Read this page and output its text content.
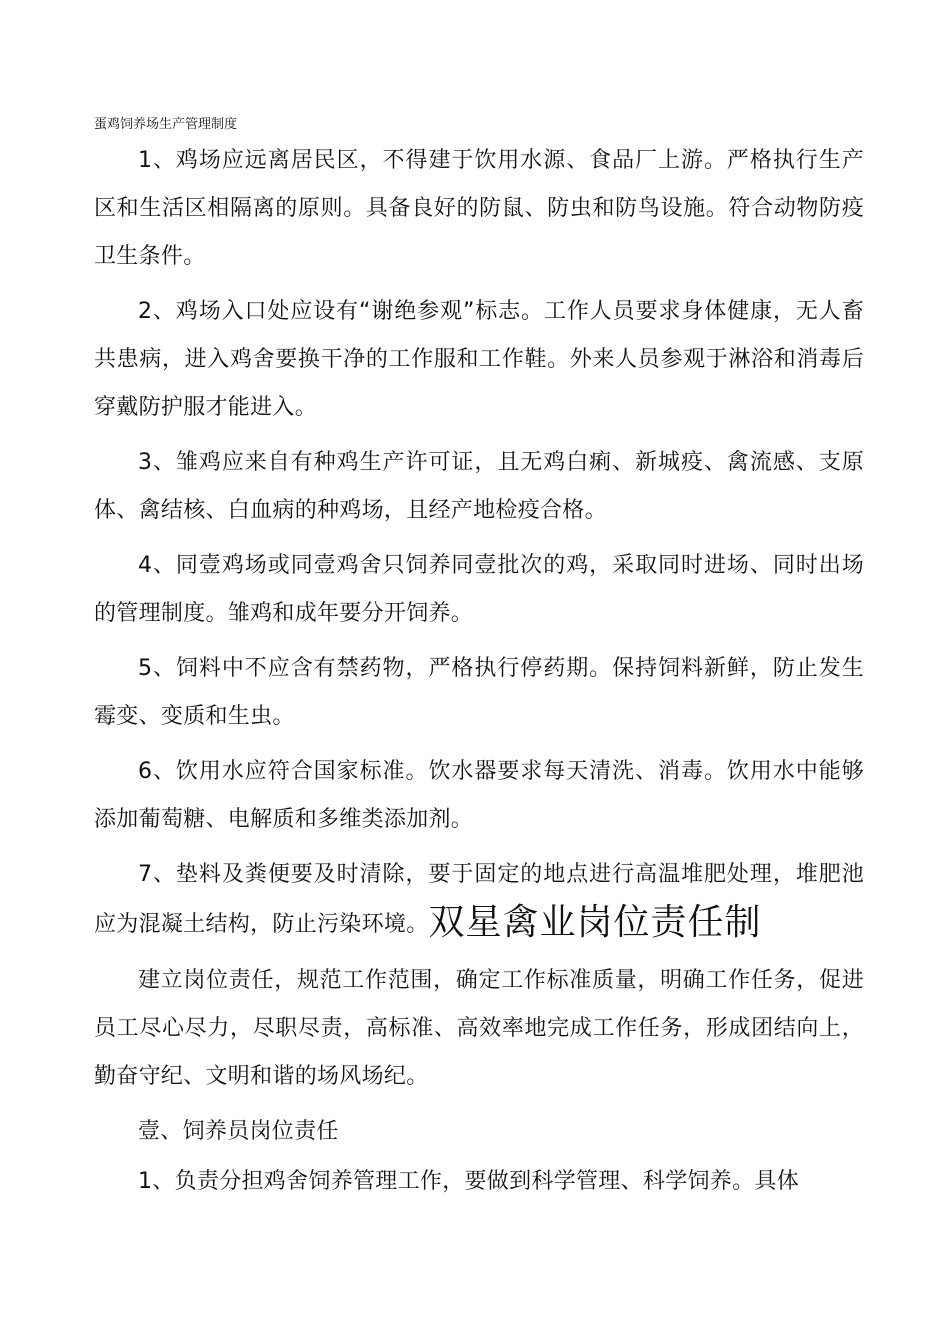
蛋鸡饲养场生产管理制度

1、鸡场应远离居民区，不得建于饮用水源、食品厂上游。严格执行生产区和生活区相隔离的原则。具备良好的防鼠、防虫和防鸟设施。符合动物防疫卫生条件。

2、鸡场入口处应设有“谢绝参观”标志。工作人员要求身体健康，无人畜共患病，进入鸡舍要换干净的工作服和工作鞋。外来人员参观于淋浴和消毒后穿戴防护服才能进入。

3、雏鸡应来自有种鸡生产许可证，且无鸡白痢、新城疫、禽流感、支原体、禽结核、白血病的种鸡场，且经产地检疫合格。

4、同壹鸡场或同壹鸡舍只饲养同壹批次的鸡，采取同时进场、同时出场的管理制度。雏鸡和成年要分开饲养。

5、饲料中不应含有禁药物，严格执行停药期。保持饲料新鲜，防止发生霉变、变质和生虫。

6、饮用水应符合国家标准。饮水器要求每天清洗、消毒。饮用水中能够添加葡萄糖、电解质和多维类添加剂。

7、垫料及粪便要及时清除，要于固定的地点进行高温堆肥处理，堆肥池应为混凝土结构，防止污染环境。双星禽业岗位责任制

建立岗位责任，规范工作范围，确定工作标准质量，明确工作任务，促进员工尽心尽力，尽职尽责，高标准、高效率地完成工作任务，形成团结向上，勤奋守纪、文明和谐的场风场纪。

壹、饲养员岗位责任

1、负责分担鸡舍饲养管理工作，要做到科学管理、科学饲养。具体
